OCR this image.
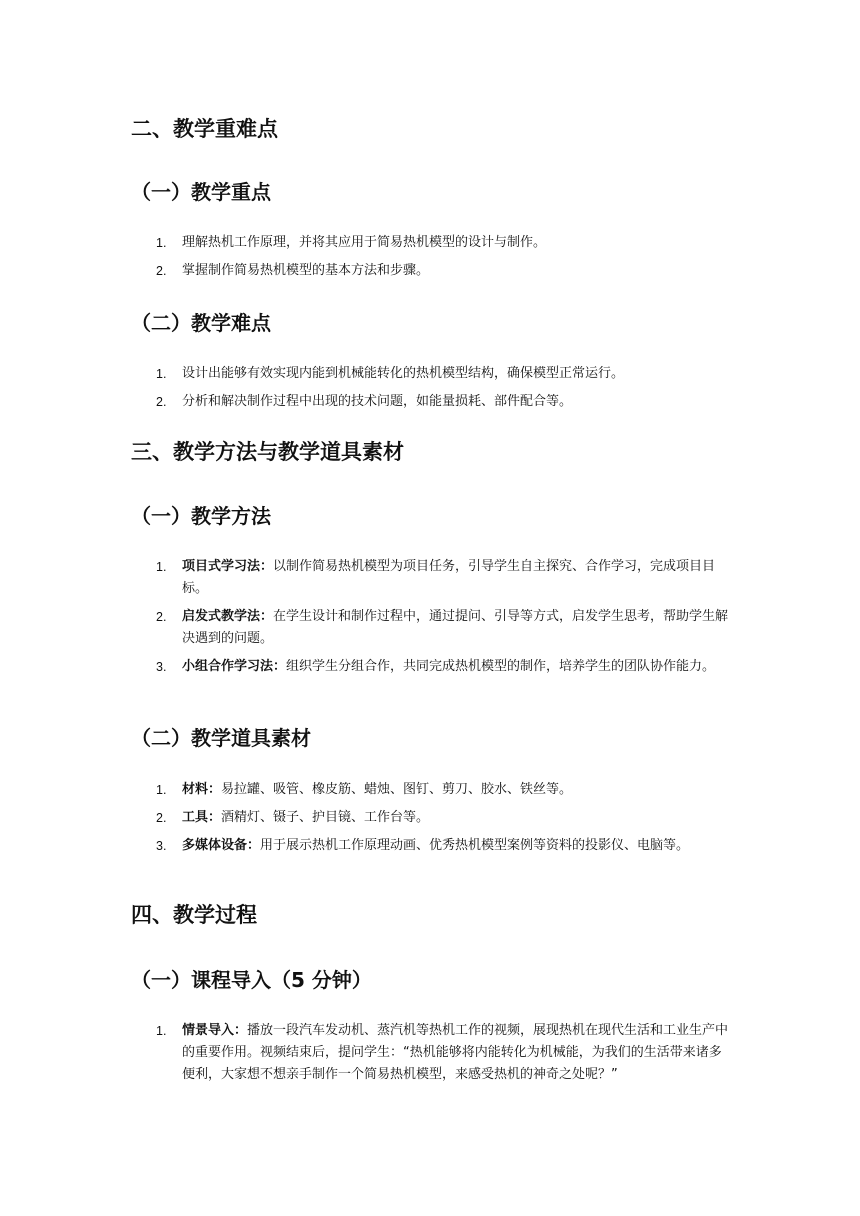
二、教学重难点
（一）教学重点
1. 理解热机工作原理，并将其应用于简易热机模型的设计与制作。
2. 掌握制作简易热机模型的基本方法和步骤。
（二）教学难点
1. 设计出能够有效实现内能到机械能转化的热机模型结构，确保模型正常运行。
2. 分析和解决制作过程中出现的技术问题，如能量损耗、部件配合等。
三、教学方法与教学道具素材
（一）教学方法
1. 项目式学习法：以制作简易热机模型为项目任务，引导学生自主探究、合作学习，完成项目目标。
2. 启发式教学法：在学生设计和制作过程中，通过提问、引导等方式，启发学生思考，帮助学生解决遇到的问题。
3. 小组合作学习法：组织学生分组合作，共同完成热机模型的制作，培养学生的团队协作能力。
（二）教学道具素材
1. 材料：易拉罐、吸管、橡皮筋、蜡烛、图钉、剪刀、胶水、铁丝等。
2. 工具：酒精灯、镊子、护目镜、工作台等。
3. 多媒体设备：用于展示热机工作原理动画、优秀热机模型案例等资料的投影仪、电脑等。
四、教学过程
（一）课程导入（5 分钟）
1. 情景导入：播放一段汽车发动机、蒸汽机等热机工作的视频，展现热机在现代生活和工业生产中的重要作用。视频结束后，提问学生：“热机能够将内能转化为机械能，为我们的生活带来诸多便利，大家想不想亲手制作一个简易热机模型，来感受热机的神奇之处呢？”
